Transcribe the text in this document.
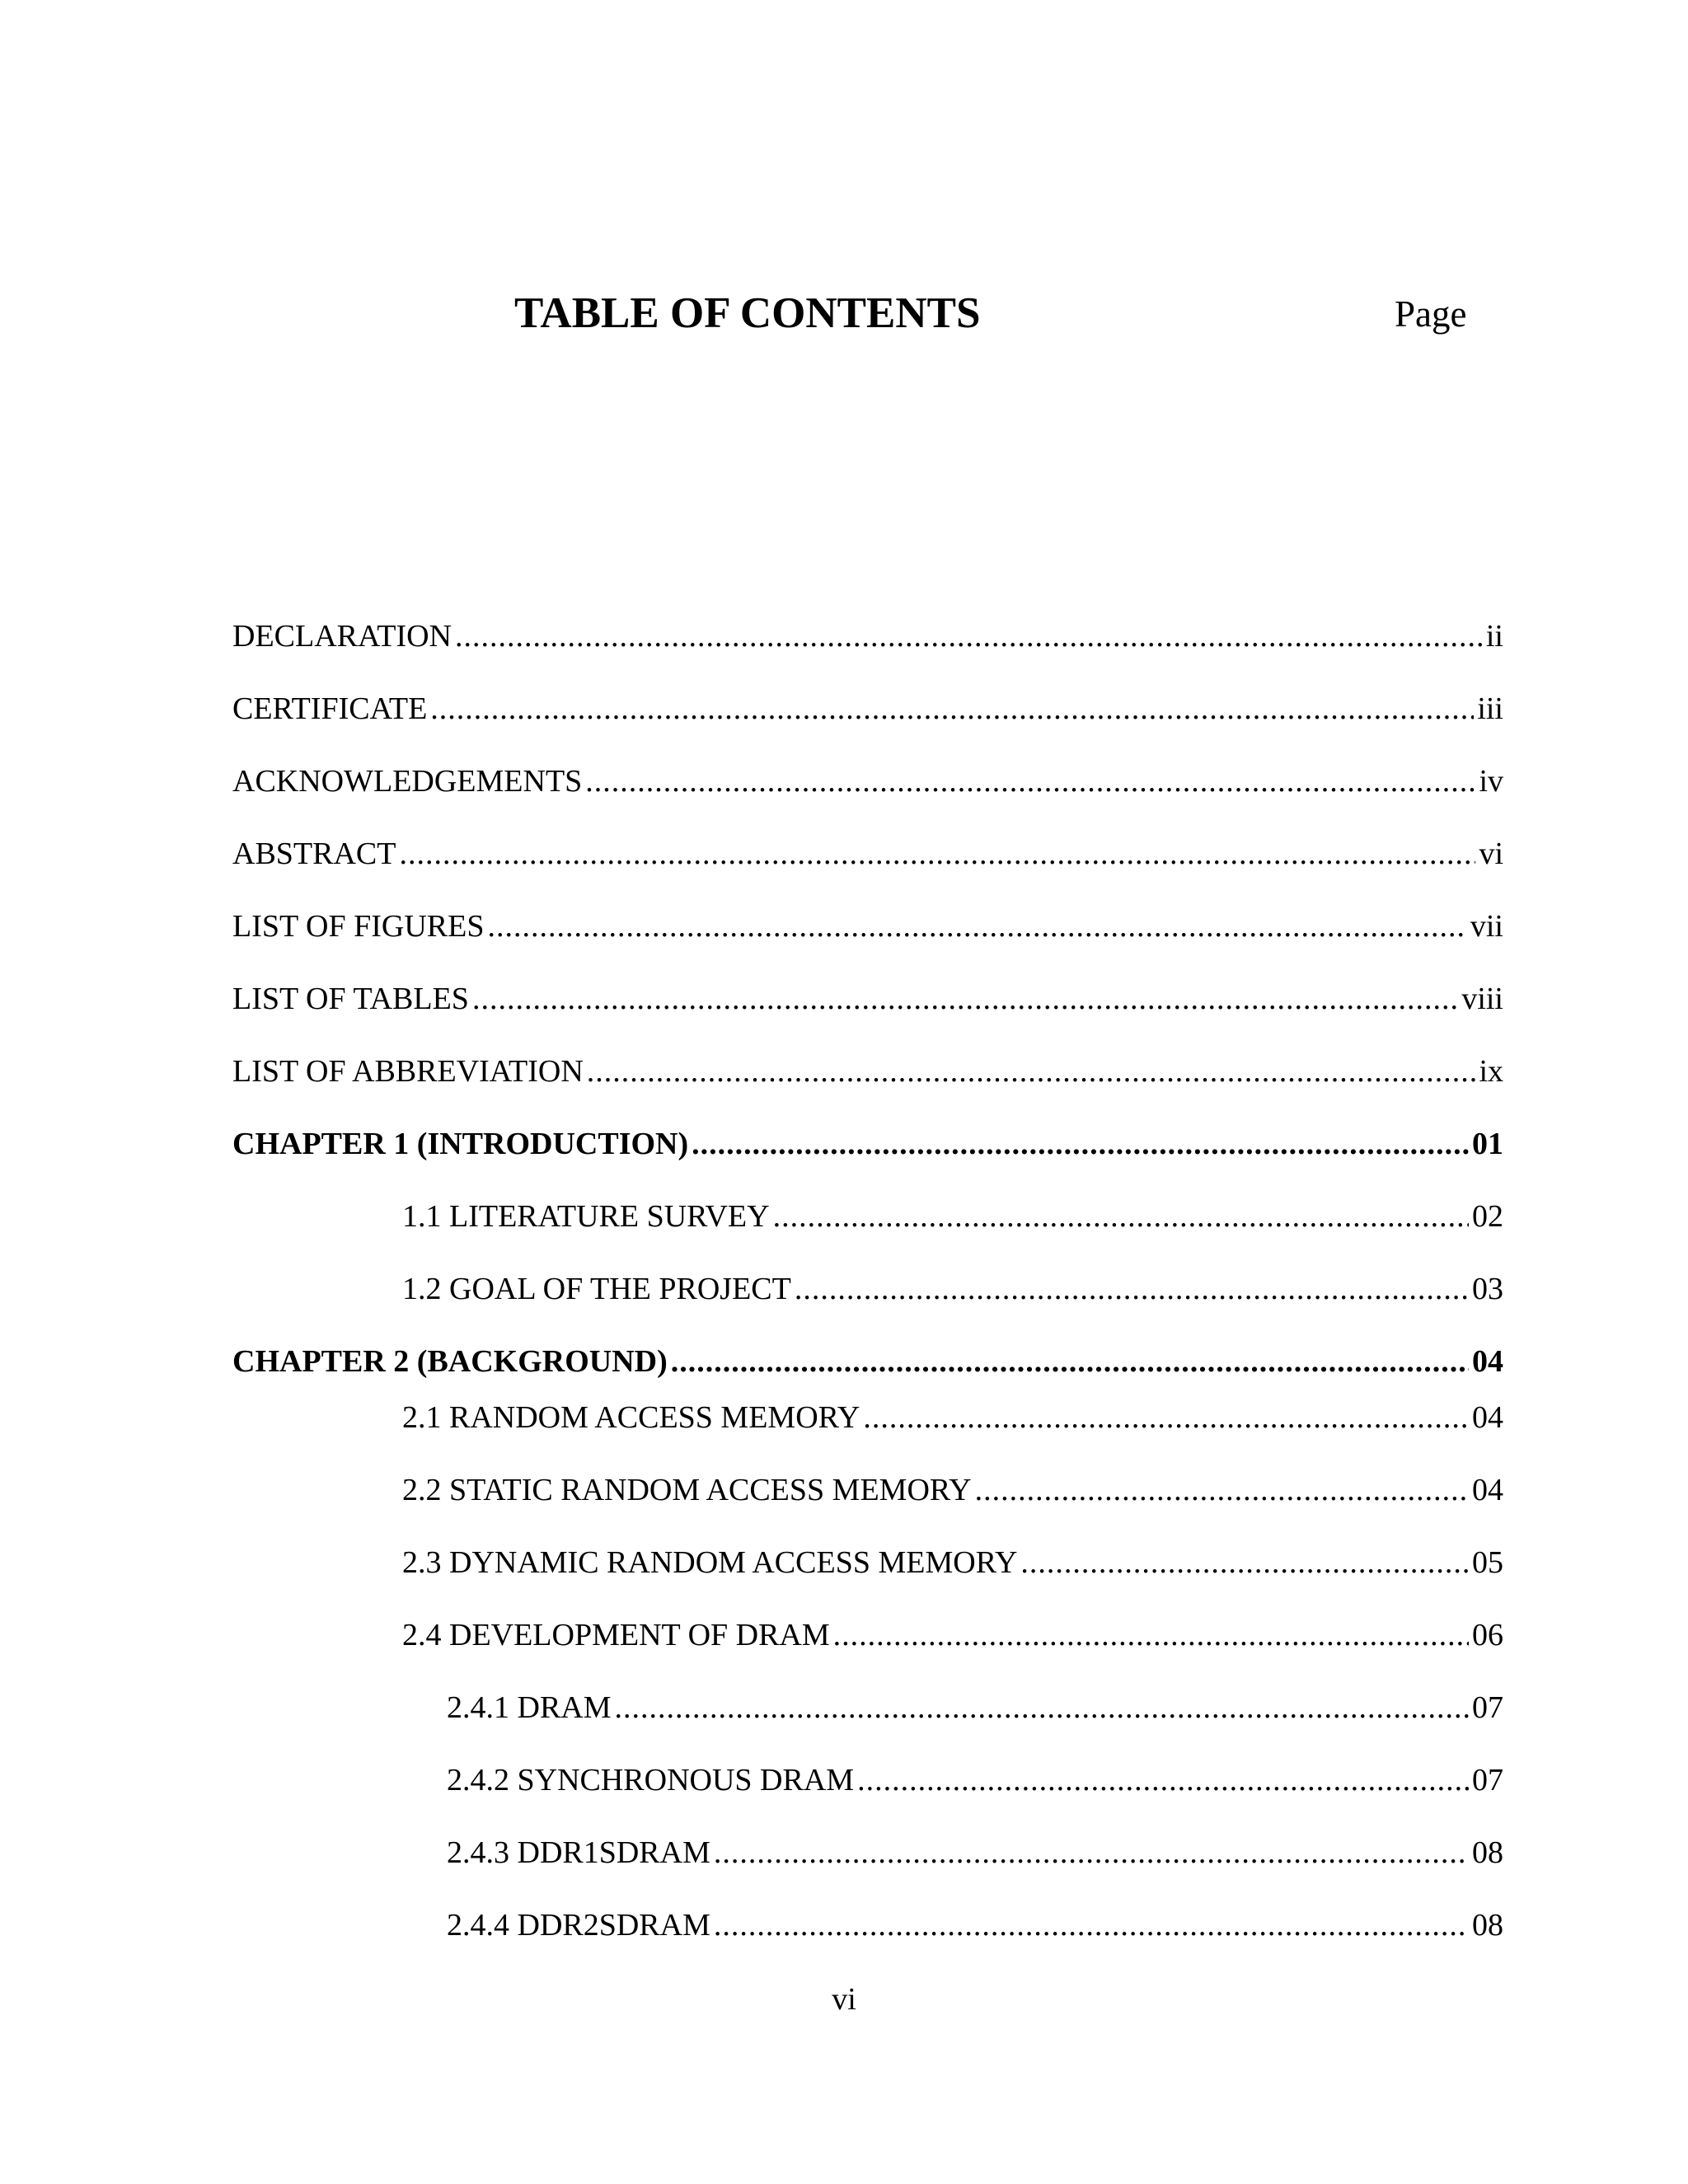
TABLE OF CONTENTS	Page
DECLARATION .....	ii
CERTIFICATE .....	iii
ACKNOWLEDGEMENTS .....	iv
ABSTRACT .....	vi
LIST OF FIGURES .....	vii
LIST OF TABLES .....	viii
LIST OF ABBREVIATION .....	ix
CHAPTER 1 (INTRODUCTION) .....	01
1.1 LITERATURE SURVEY .....	02
1.2 GOAL OF THE PROJECT .....	03
CHAPTER 2 (BACKGROUND) .....	04
2.1 RANDOM ACCESS MEMORY .....	04
2.2 STATIC RANDOM ACCESS MEMORY .....	04
2.3 DYNAMIC RANDOM ACCESS MEMORY .....	05
2.4 DEVELOPMENT OF DRAM .....	06
2.4.1 DRAM .....	07
2.4.2 SYNCHRONOUS DRAM .....	07
2.4.3 DDR1SDRAM .....	08
2.4.4 DDR2SDRAM .....	08
vi
